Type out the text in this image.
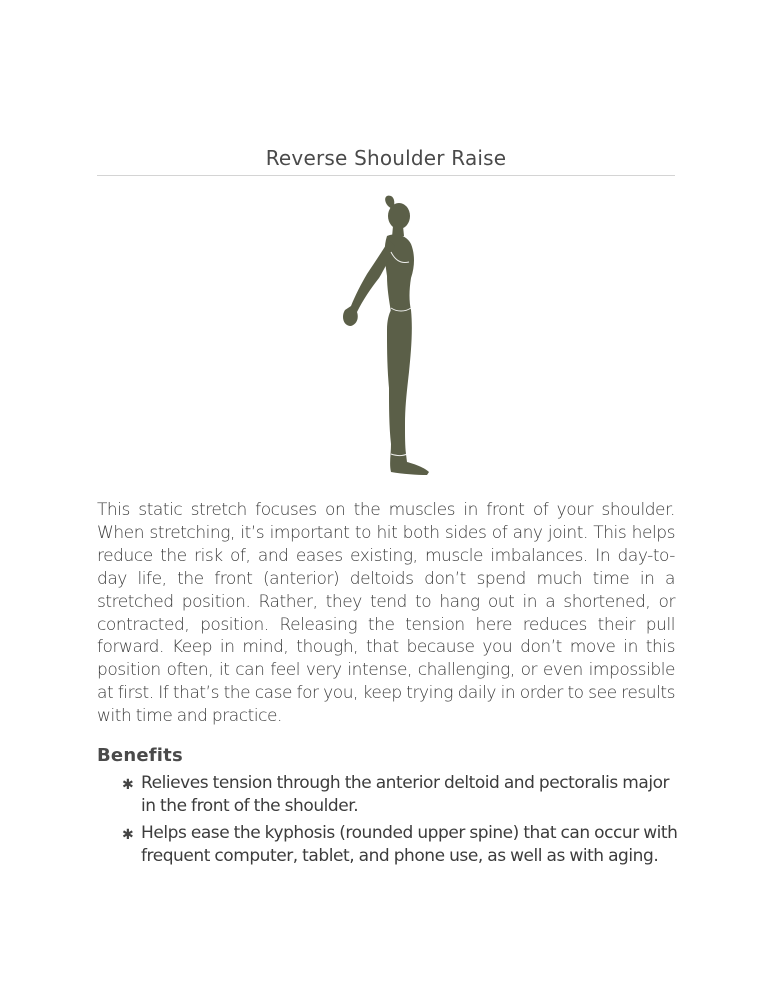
Reverse Shoulder Raise

This static stretch focuses on the muscles in front of your shoulder. When stretching, it’s important to hit both sides of any joint. This helps reduce the risk of, and eases existing, muscle imbalances. In day-to-day life, the front (anterior) deltoids don’t spend much time in a stretched position. Rather, they tend to hang out in a shortened, or contracted, position. Releasing the tension here reduces their pull forward. Keep in mind, though, that because you don’t move in this position often, it can feel very intense, challenging, or even impossible at first. If that’s the case for you, keep trying daily in order to see results with time and practice.

Benefits
✱ Relieves tension through the anterior deltoid and pectoralis major in the front of the shoulder.
✱ Helps ease the kyphosis (rounded upper spine) that can occur with frequent computer, tablet, and phone use, as well as with aging.
